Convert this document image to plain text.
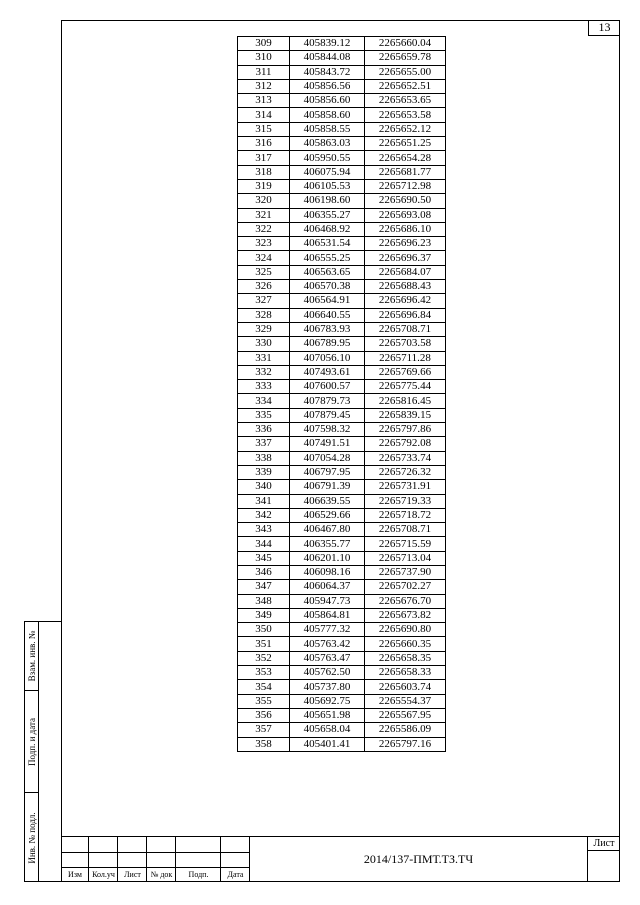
13
309	405839.12	2265660.04
310	405844.08	2265659.78
311	405843.72	2265655.00
312	405856.56	2265652.51
313	405856.60	2265653.65
314	405858.60	2265653.58
315	405858.55	2265652.12
316	405863.03	2265651.25
317	405950.55	2265654.28
318	406075.94	2265681.77
319	406105.53	2265712.98
320	406198.60	2265690.50
321	406355.27	2265693.08
322	406468.92	2265686.10
323	406531.54	2265696.23
324	406555.25	2265696.37
325	406563.65	2265684.07
326	406570.38	2265688.43
327	406564.91	2265696.42
328	406640.55	2265696.84
329	406783.93	2265708.71
330	406789.95	2265703.58
331	407056.10	2265711.28
332	407493.61	2265769.66
333	407600.57	2265775.44
334	407879.73	2265816.45
335	407879.45	2265839.15
336	407598.32	2265797.86
337	407491.51	2265792.08
338	407054.28	2265733.74
339	406797.95	2265726.32
340	406791.39	2265731.91
341	406639.55	2265719.33
342	406529.66	2265718.72
343	406467.80	2265708.71
344	406355.77	2265715.59
345	406201.10	2265713.04
346	406098.16	2265737.90
347	406064.37	2265702.27
348	405947.73	2265676.70
349	405864.81	2265673.82
350	405777.32	2265690.80
351	405763.42	2265660.35
352	405763.47	2265658.35
353	405762.50	2265658.33
354	405737.80	2265603.74
355	405692.75	2265554.37
356	405651.98	2265567.95
357	405658.04	2265586.09
358	405401.41	2265797.16
Взам. инв. №
Подп. и дата
Инв. № подл.
Изм	Кол.уч	Лист	№ док	Подп.	Дата
2014/137-ПМТ.ТЗ.ТЧ
Лист
